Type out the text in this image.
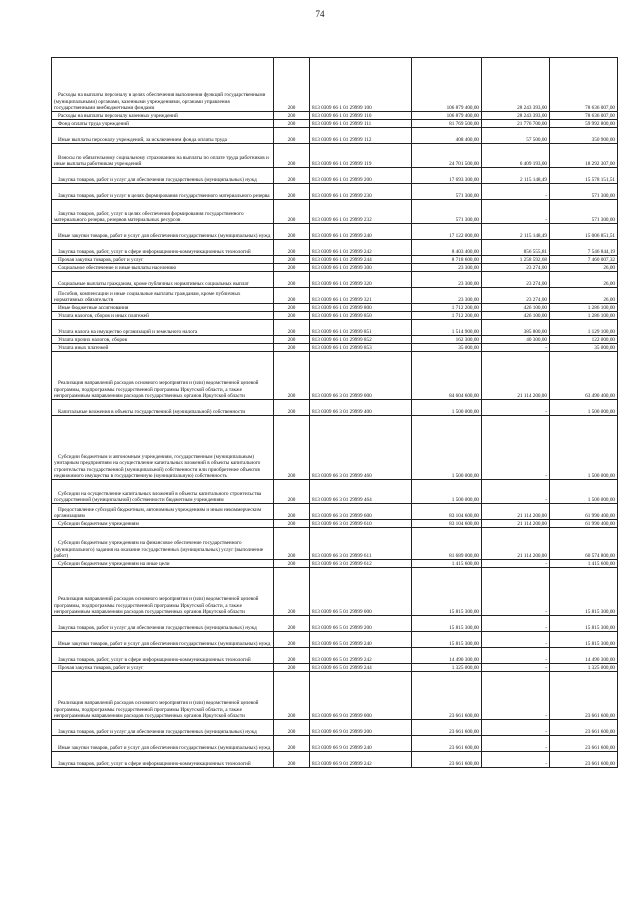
74
Расходы на выплаты персоналу в целях обеспечения выполнения функций государственными (муниципальными) органами, казенными учреждениями, органами управления государственными внебюджетными фондами	200	813 0309 66 1 01 29999 100	106 879 400,00	28 243 393,00	78 636 007,00
Расходы на выплаты персоналу казенных учреждений	200	813 0309 66 1 01 29999 110	106 879 400,00	28 243 393,00	78 636 007,00
Фонд оплаты труда учреждений	200	813 0309 66 1 01 29999 111	81 769 500,00	21 776 700,00	59 992 800,00
Иные выплаты персоналу учреждений, за исключением фонда оплаты труда	200	813 0309 66 1 01 29999 112	408 400,00	57 500,00	350 900,00
Взносы по обязательному социальному страхованию на выплаты по оплате труда работников и иные выплаты работникам учреждений	200	813 0309 66 1 01 29999 119	24 701 500,00	6 409 193,00	18 292 307,00
Закупка товаров, работ и услуг для обеспечения государственных (муниципальных) нужд	200	813 0309 66 1 01 29999 200	17 693 300,00	2 115 148,49	15 578 151,51
Закупка товаров, работ и услуг в целях формирования государственного материального резерва	200	813 0309 66 1 01 29999 230	571 300,00	-	571 300,00
Закупка товаров, работ, услуг в целях обеспечения формирования государственного материального резерва, резервов материальных ресурсов	200	813 0309 66 1 01 29999 232	571 300,00	-	571 300,00
Иные закупки товаров, работ и услуг для обеспечения государственных (муниципальных) нужд	200	813 0309 66 1 01 29999 240	17 122 000,00	2 115 148,49	15 006 851,51
Закупка товаров, работ, услуг в сфере информационно-коммуникационных технологий	200	813 0309 66 1 01 29999 242	8 403 400,00	856 555,81	7 546 844,19
Прочая закупка товаров, работ и услуг	200	813 0309 66 1 01 29999 244	8 718 600,00	1 258 592,68	7 460 007,32
Социальное обеспечение и иные выплаты населению	200	813 0309 66 1 01 29999 300	23 300,00	23 274,00	26,00
Социальные выплаты гражданам, кроме публичных нормативных социальных выплат	200	813 0309 66 1 01 29999 320	23 300,00	23 274,00	26,00
Пособия, компенсации и иные социальные выплаты гражданам, кроме публичных нормативных обязательств	200	813 0309 66 1 01 29999 321	23 300,00	23 274,00	26,00
Иные бюджетные ассигнования	200	813 0309 66 1 01 29999 800	1 712 200,00	426 100,00	1 286 100,00
Уплата налогов, сборов и иных платежей	200	813 0309 66 1 01 29999 850	1 712 200,00	426 100,00	1 286 100,00
Уплата налога на имущество организаций и земельного налога	200	813 0309 66 1 01 29999 851	1 514 900,00	385 800,00	1 129 100,00
Уплата прочих налогов, сборов	200	813 0309 66 1 01 29999 852	162 300,00	40 300,00	122 000,00
Уплата иных платежей	200	813 0309 66 1 01 29999 853	35 000,00	-	35 000,00
Реализация направлений расходов основного мероприятия и (или) ведомственной целевой программы, подпрограммы государственной программы Иркутской области, а также непрограммным направлениям расходов государственных органов Иркутской области	200	813 0309 66 3 01 29999 000	84 604 600,00	21 114 200,00	63 490 400,00
Капитальные вложения в объекты государственной (муниципальной) собственности	200	813 0309 66 3 01 29999 400	1 500 000,00	-	1 500 000,00
Субсидии бюджетным и автономным учреждениям, государственным (муниципальным) унитарным предприятиям на осуществление капитальных вложений в объекты капитального строительства государственной (муниципальной) собственности или приобретение объектов недвижимого имущества в государственную (муниципальную) собственность	200	813 0309 66 3 01 29999 460	1 500 000,00	-	1 500 000,00
Субсидии на осуществление капитальных вложений в объекты капитального строительства государственной (муниципальной) собственности бюджетным учреждениям	200	813 0309 66 3 01 29999 464	1 500 000,00	-	1 500 000,00
Предоставление субсидий бюджетным, автономным учреждениям и иным некоммерческим организациям	200	813 0309 66 3 01 29999 600	83 104 600,00	21 114 200,00	61 990 400,00
Субсидии бюджетным учреждениям	200	813 0309 66 3 01 29999 610	83 104 600,00	21 114 200,00	61 990 400,00
Субсидии бюджетным учреждениям на финансовое обеспечение государственного (муниципального) задания на оказание государственных (муниципальных) услуг (выполнение работ)	200	813 0309 66 3 01 29999 611	81 689 000,00	21 114 200,00	60 574 800,00
Субсидии бюджетным учреждениям на иные цели	200	813 0309 66 3 01 29999 612	1 415 600,00	-	1 415 600,00
Реализация направлений расходов основного мероприятия и (или) ведомственной целевой программы, подпрограммы государственной программы Иркутской области, а также непрограммным направлениям расходов государственных органов Иркутской области	200	813 0309 66 5 01 29999 000	15 815 300,00	-	15 815 300,00
Закупка товаров, работ и услуг для обеспечения государственных (муниципальных) нужд	200	813 0309 66 5 01 29999 200	15 815 300,00	-	15 815 300,00
Иные закупки товаров, работ и услуг для обеспечения государственных (муниципальных) нужд	200	813 0309 66 5 01 29999 240	15 815 300,00	-	15 815 300,00
Закупка товаров, работ, услуг в сфере информационно-коммуникационных технологий	200	813 0309 66 5 01 29999 242	14 490 300,00	-	14 490 300,00
Прочая закупка товаров, работ и услуг	200	813 0309 66 5 01 29999 244	1 325 000,00	-	1 325 000,00
Реализация направлений расходов основного мероприятия и (или) ведомственной целевой программы, подпрограммы государственной программы Иркутской области, а также непрограммным направлениям расходов государственных органов Иркутской области	200	813 0309 66 9 01 29999 000	23 661 600,00	-	23 661 600,00
Закупка товаров, работ и услуг для обеспечения государственных (муниципальных) нужд	200	813 0309 66 9 01 29999 200	23 661 600,00	-	23 661 600,00
Иные закупки товаров, работ и услуг для обеспечения государственных (муниципальных) нужд	200	813 0309 66 9 01 29999 240	23 661 600,00	-	23 661 600,00
Закупка товаров, работ, услуг в сфере информационно-коммуникационных технологий	200	813 0309 66 9 01 29999 242	23 661 600,00	-	23 661 600,00
